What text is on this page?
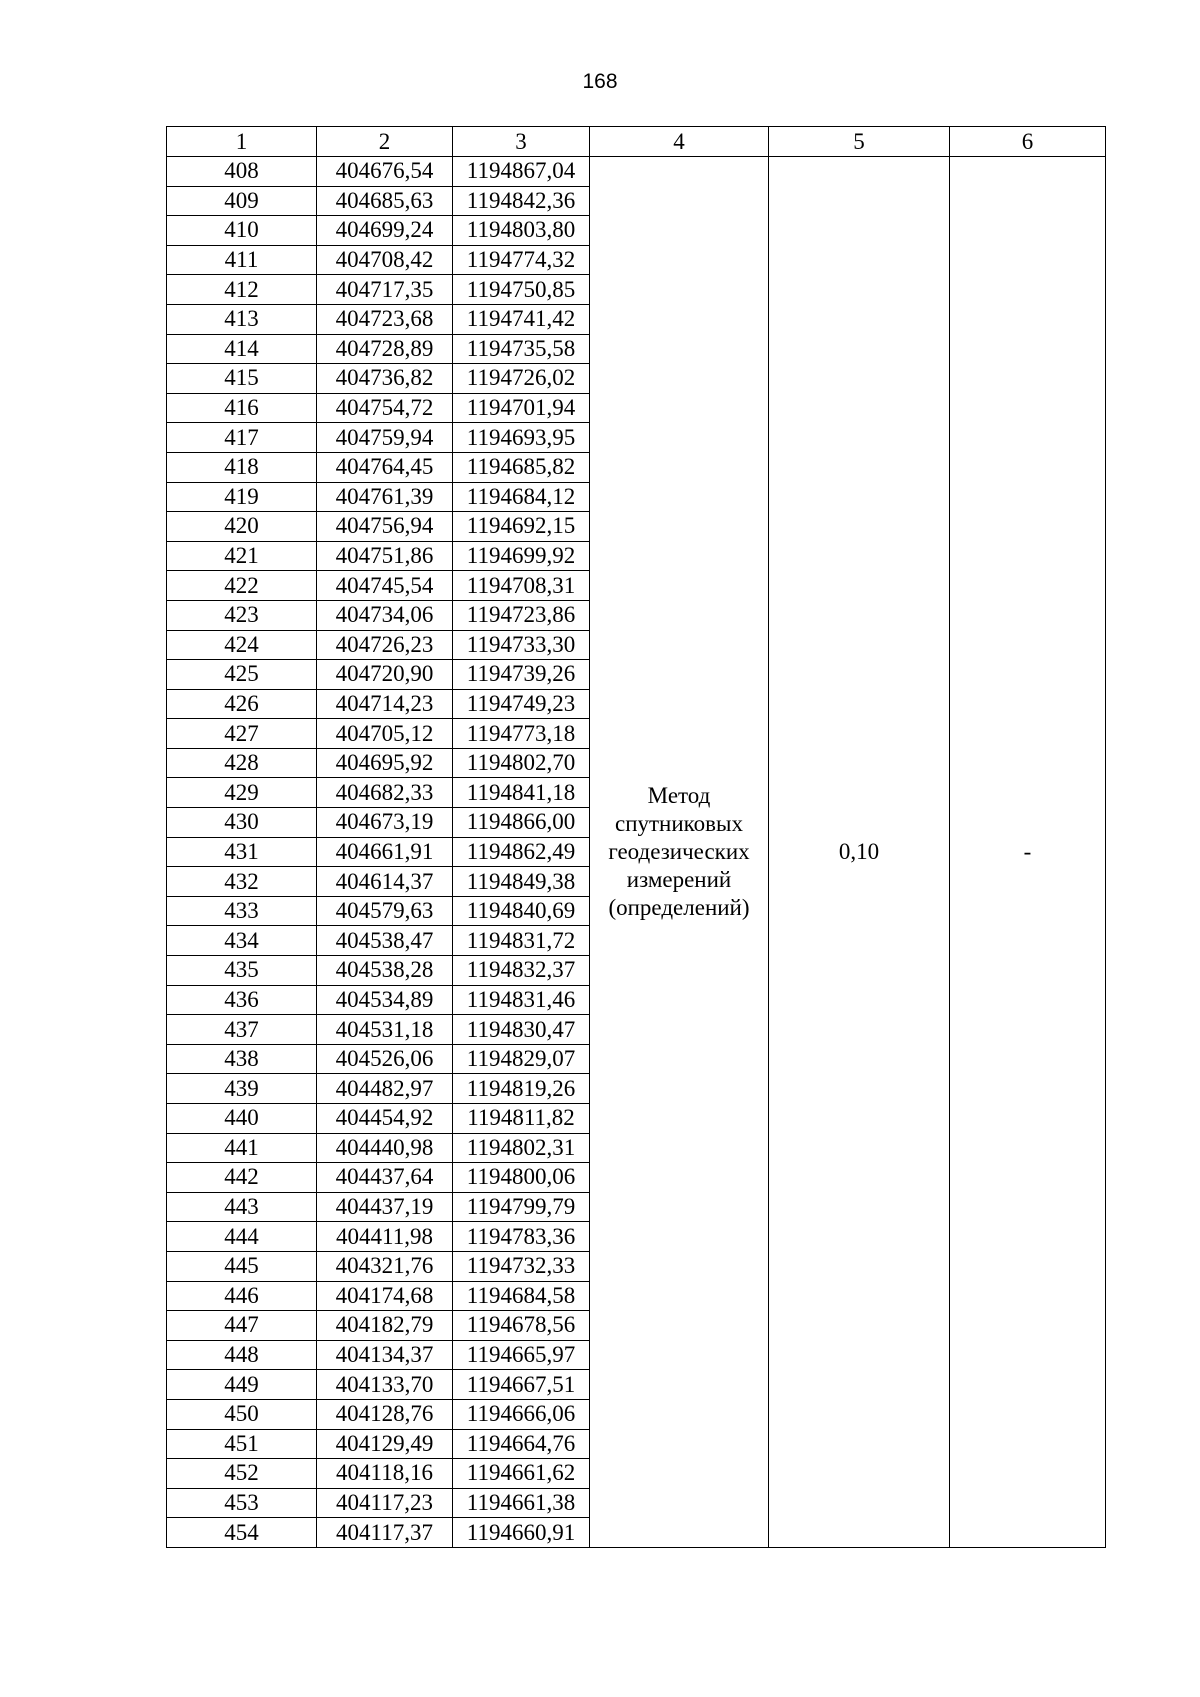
168
1	2	3	4	5	6
408	404676,54	1194867,04	Метод
спутниковых
геодезических
измерений
(определений)	0,10	-
409	404685,63	1194842,36			
410	404699,24	1194803,80			
411	404708,42	1194774,32			
412	404717,35	1194750,85			
413	404723,68	1194741,42			
414	404728,89	1194735,58			
415	404736,82	1194726,02			
416	404754,72	1194701,94			
417	404759,94	1194693,95			
418	404764,45	1194685,82			
419	404761,39	1194684,12			
420	404756,94	1194692,15			
421	404751,86	1194699,92			
422	404745,54	1194708,31			
423	404734,06	1194723,86			
424	404726,23	1194733,30			
425	404720,90	1194739,26			
426	404714,23	1194749,23			
427	404705,12	1194773,18			
428	404695,92	1194802,70			
429	404682,33	1194841,18			
430	404673,19	1194866,00			
431	404661,91	1194862,49			
432	404614,37	1194849,38			
433	404579,63	1194840,69			
434	404538,47	1194831,72			
435	404538,28	1194832,37			
436	404534,89	1194831,46			
437	404531,18	1194830,47			
438	404526,06	1194829,07			
439	404482,97	1194819,26			
440	404454,92	1194811,82			
441	404440,98	1194802,31			
442	404437,64	1194800,06			
443	404437,19	1194799,79			
444	404411,98	1194783,36			
445	404321,76	1194732,33			
446	404174,68	1194684,58			
447	404182,79	1194678,56			
448	404134,37	1194665,97			
449	404133,70	1194667,51			
450	404128,76	1194666,06			
451	404129,49	1194664,76			
452	404118,16	1194661,62			
453	404117,23	1194661,38			
454	404117,37	1194660,91			
